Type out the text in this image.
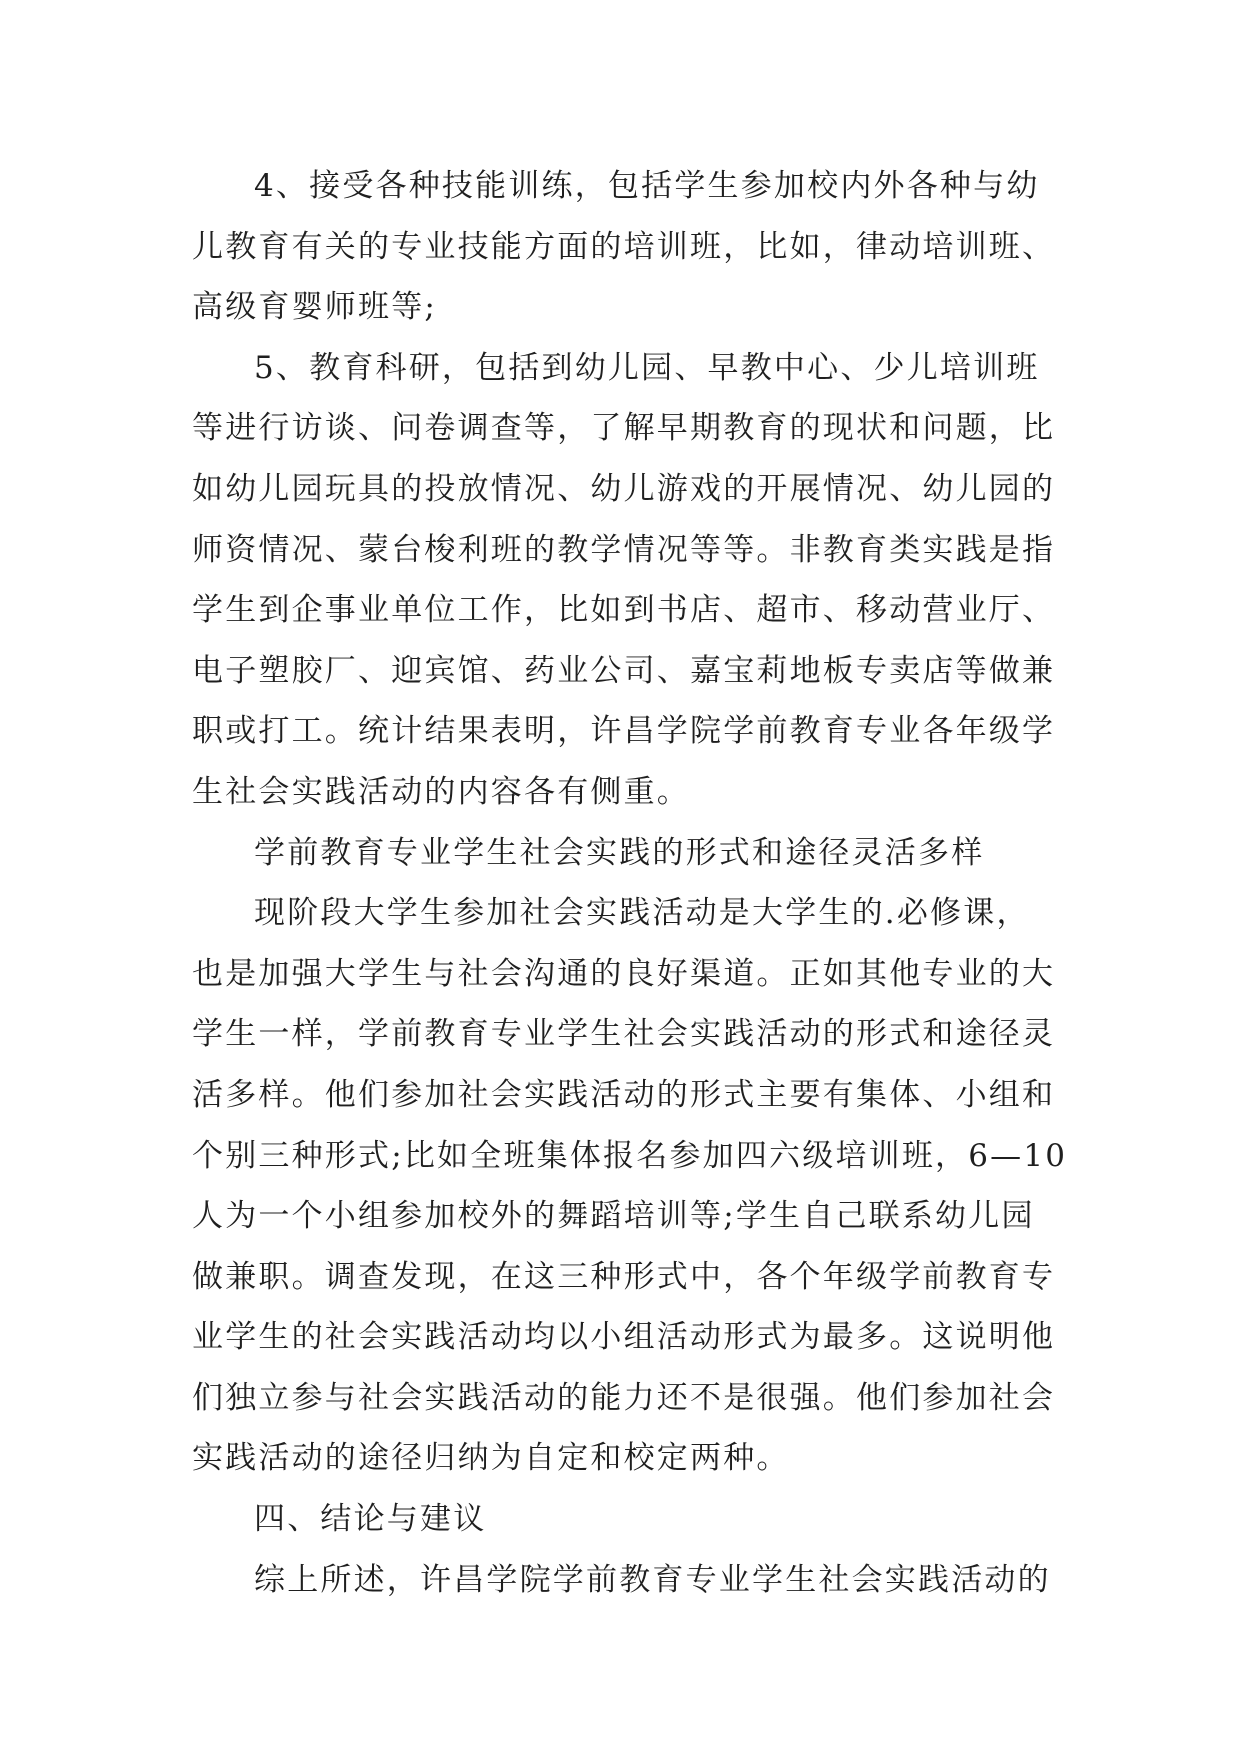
4、接受各种技能训练，包括学生参加校内外各种与幼
儿教育有关的专业技能方面的培训班，比如，律动培训班、
高级育婴师班等;

5、教育科研，包括到幼儿园、早教中心、少儿培训班
等进行访谈、问卷调查等，了解早期教育的现状和问题，比
如幼儿园玩具的投放情况、幼儿游戏的开展情况、幼儿园的
师资情况、蒙台梭利班的教学情况等等。非教育类实践是指
学生到企事业单位工作，比如到书店、超市、移动营业厅、
电子塑胶厂、迎宾馆、药业公司、嘉宝莉地板专卖店等做兼
职或打工。统计结果表明，许昌学院学前教育专业各年级学
生社会实践活动的内容各有侧重。

学前教育专业学生社会实践的形式和途径灵活多样

现阶段大学生参加社会实践活动是大学生的.必修课，
也是加强大学生与社会沟通的良好渠道。正如其他专业的大
学生一样，学前教育专业学生社会实践活动的形式和途径灵
活多样。他们参加社会实践活动的形式主要有集体、小组和
个别三种形式;比如全班集体报名参加四六级培训班，6—10
人为一个小组参加校外的舞蹈培训等;学生自己联系幼儿园
做兼职。调查发现，在这三种形式中，各个年级学前教育专
业学生的社会实践活动均以小组活动形式为最多。这说明他
们独立参与社会实践活动的能力还不是很强。他们参加社会
实践活动的途径归纳为自定和校定两种。

四、结论与建议

综上所述，许昌学院学前教育专业学生社会实践活动的
